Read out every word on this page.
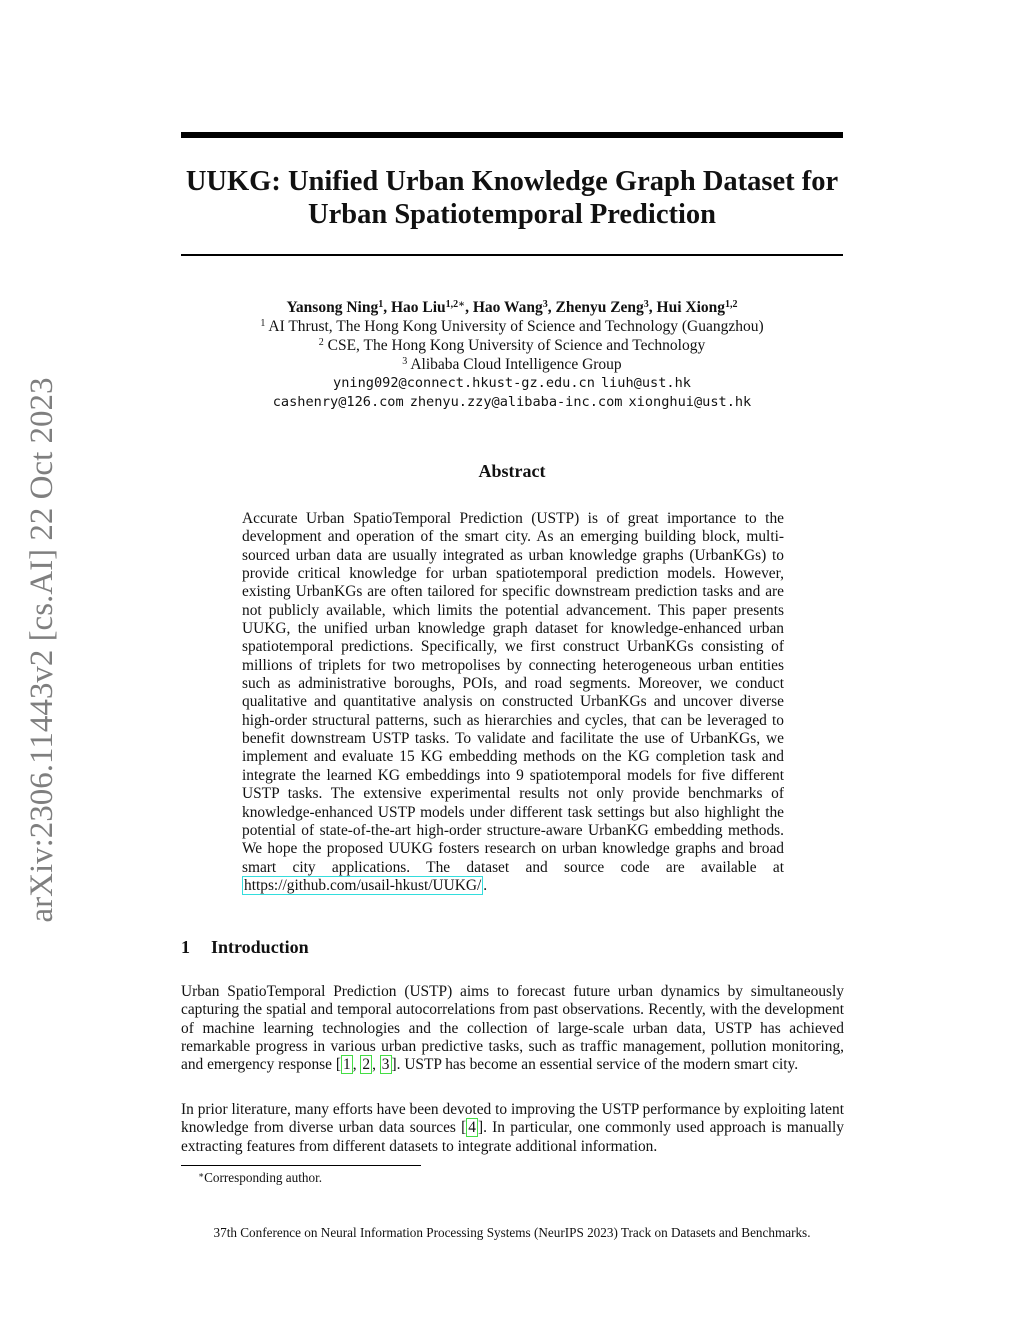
arXiv:2306.11443v2 [cs.AI] 22 Oct 2023
UUKG: Unified Urban Knowledge Graph Dataset for
Urban Spatiotemporal Prediction
Yansong Ning$^1$, Hao Liu$^{1,2∗}$, Hao Wang$^3$, Zhenyu Zeng$^3$, Hui Xiong$^{1,2}$
$^1$ AI Thrust, The Hong Kong University of Science and Technology (Guangzhou)
$^2$ CSE, The Hong Kong University of Science and Technology
$^3$ Alibaba Cloud Intelligence Group
yning092@connect.hkust-gz.edu.cn liuh@ust.hk
cashenry@126.com zhenyu.zzy@alibaba-inc.com xionghui@ust.hk
Abstract
Accurate Urban SpatioTemporal Prediction (USTP) is of great importance to the development and operation of the smart city. As an emerging building block, multi-sourced urban data are usually integrated as urban knowledge graphs (UrbanKGs) to provide critical knowledge for urban spatiotemporal prediction models. However, existing UrbanKGs are often tailored for specific downstream prediction tasks and are not publicly available, which limits the potential advancement. This paper presents UUKG, the unified urban knowledge graph dataset for knowledge-enhanced urban spatiotemporal predictions. Specifically, we first construct UrbanKGs consisting of millions of triplets for two metropolises by connecting heterogeneous urban entities such as administrative boroughs, POIs, and road segments. Moreover, we conduct qualitative and quantitative analysis on constructed UrbanKGs and uncover diverse high-order structural patterns, such as hierarchies and cycles, that can be leveraged to benefit downstream USTP tasks. To validate and facilitate the use of UrbanKGs, we implement and evaluate 15 KG embedding methods on the KG completion task and integrate the learned KG embeddings into 9 spatiotemporal models for five different USTP tasks. The extensive experimental results not only provide benchmarks of knowledge-enhanced USTP models under different task settings but also highlight the potential of state-of-the-art high-order structure-aware UrbanKG embedding methods. We hope the proposed UUKG fosters research on urban knowledge graphs and broad smart city applications. The dataset and source code are available at https://github.com/usail-hkust/UUKG/ .
1 Introduction
Urban SpatioTemporal Prediction (USTP) aims to forecast future urban dynamics by simultaneously capturing the spatial and temporal autocorrelations from past observations. Recently, with the development of machine learning technologies and the collection of large-scale urban data, USTP has achieved remarkable progress in various urban predictive tasks, such as traffic management, pollution monitoring, and emergency response [ 1 , 2 , 3 ]. USTP has become an essential service of the modern smart city.
In prior literature, many efforts have been devoted to improving the USTP performance by exploiting latent knowledge from diverse urban data sources [ 4 ]. In particular, one commonly used approach is manually extracting features from different datasets to integrate additional information.
∗Corresponding author.
37th Conference on Neural Information Processing Systems (NeurIPS 2023) Track on Datasets and Benchmarks.
